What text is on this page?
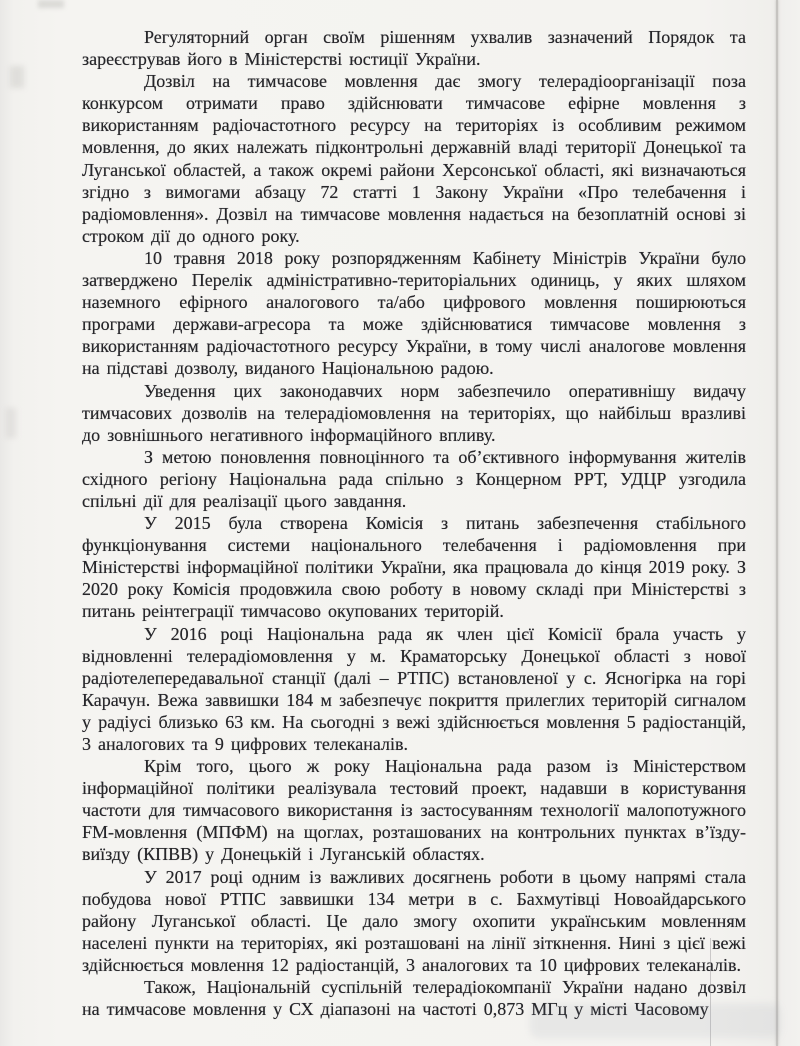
Регуляторний орган своїм рішенням ухвалив зазначений Порядок та зареєстрував його в Міністерстві юстиції України.

Дозвіл на тимчасове мовлення дає змогу телерадіоорганізації поза конкурсом отримати право здійснювати тимчасове ефірне мовлення з використанням радіочастотного ресурсу на територіях із особливим режимом мовлення, до яких належать підконтрольні державній владі території Донецької та Луганської областей, а також окремі райони Херсонської області, які визначаються згідно з вимогами абзацу 72 статті 1 Закону України «Про телебачення і радіомовлення». Дозвіл на тимчасове мовлення надається на безоплатній основі зі строком дії до одного року.

10 травня 2018 року розпорядженням Кабінету Міністрів України було затверджено Перелік адміністративно-територіальних одиниць, у яких шляхом наземного ефірного аналогового та/або цифрового мовлення поширюються програми держави-агресора та може здійснюватися тимчасове мовлення з використанням радіочастотного ресурсу України, в тому числі аналогове мовлення на підставі дозволу, виданого Національною радою.

Уведення цих законодавчих норм забезпечило оперативнішу видачу тимчасових дозволів на телерадіомовлення на територіях, що найбільш вразливі до зовнішнього негативного інформаційного впливу.

З метою поновлення повноцінного та об’єктивного інформування жителів східного регіону Національна рада спільно з Концерном РРТ, УДЦР узгодила спільні дії для реалізації цього завдання.

У 2015 була створена Комісія з питань забезпечення стабільного функціонування системи національного телебачення і радіомовлення при Міністерстві інформаційної політики України, яка працювала до кінця 2019 року. З 2020 року Комісія продовжила свою роботу в новому складі при Міністерстві з питань реінтеграції тимчасово окупованих територій.

У 2016 році Національна рада як член цієї Комісії брала участь у відновленні телерадіомовлення у м. Краматорську Донецької області з нової радіотелепередавальної станції (далі – РТПС) встановленої у с. Ясногірка на горі Карачун. Вежа заввишки 184 м забезпечує покриття прилеглих територій сигналом у радіусі близько 63 км. На сьогодні з вежі здійснюється мовлення 5 радіостанцій, 3 аналогових та 9 цифрових телеканалів.

Крім того, цього ж року Національна рада разом із Міністерством інформаційної політики реалізувала тестовий проект, надавши в користування частоти для тимчасового використання із застосуванням технології малопотужного FM-мовлення (МПФМ) на щоглах, розташованих на контрольних пунктах в’їзду-виїзду (КПВВ) у Донецькій і Луганській областях.

У 2017 році одним із важливих досягнень роботи в цьому напрямі стала побудова нової РТПС заввишки 134 метри в с. Бахмутівці Новоайдарського району Луганської області. Це дало змогу охопити українським мовленням населені пункти на територіях, які розташовані на лінії зіткнення. Нині з цієї вежі здійснюється мовлення 12 радіостанцій, 3 аналогових та 10 цифрових телеканалів.

Також, Національній суспільній телерадіокомпанії України надано дозвіл на тимчасове мовлення у СХ діапазоні на частоті 0,873 МГц у місті Часовому
